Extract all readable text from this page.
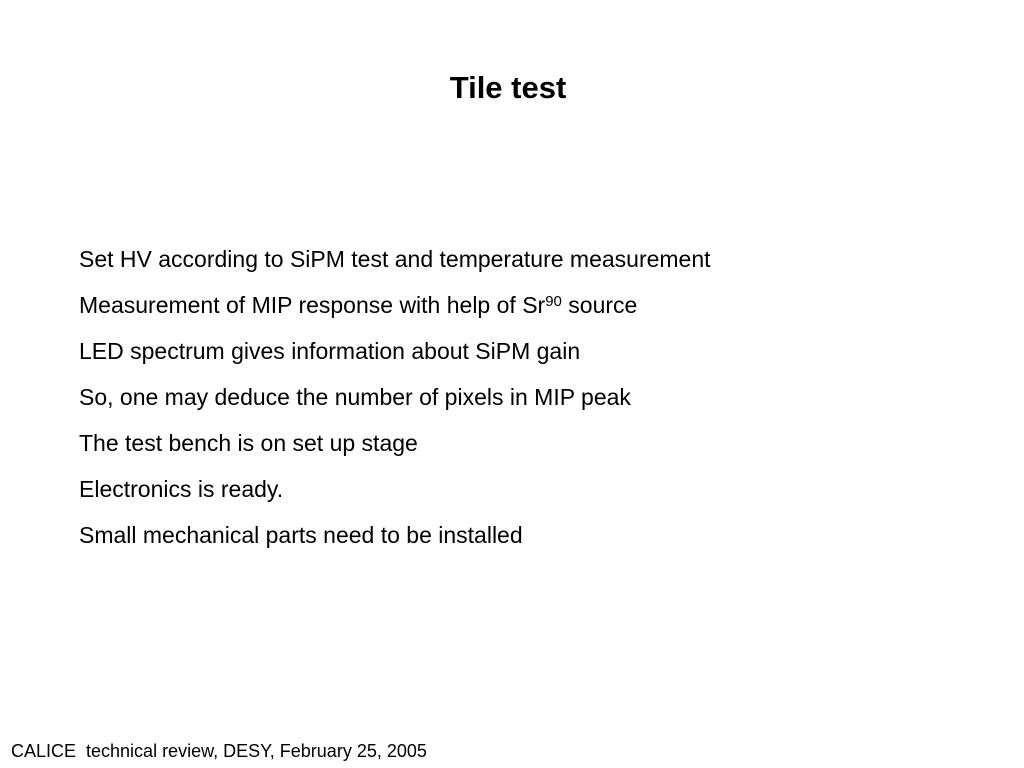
Tile test
Set HV according to SiPM test and temperature measurement
Measurement of MIP response with help of Sr$^{90}$ source
LED spectrum gives information about SiPM gain
So, one may deduce the number of pixels in MIP peak
The test bench is on set up stage
Electronics is ready.
Small mechanical parts need to be installed
CALICE  technical review, DESY, February 25, 2005
